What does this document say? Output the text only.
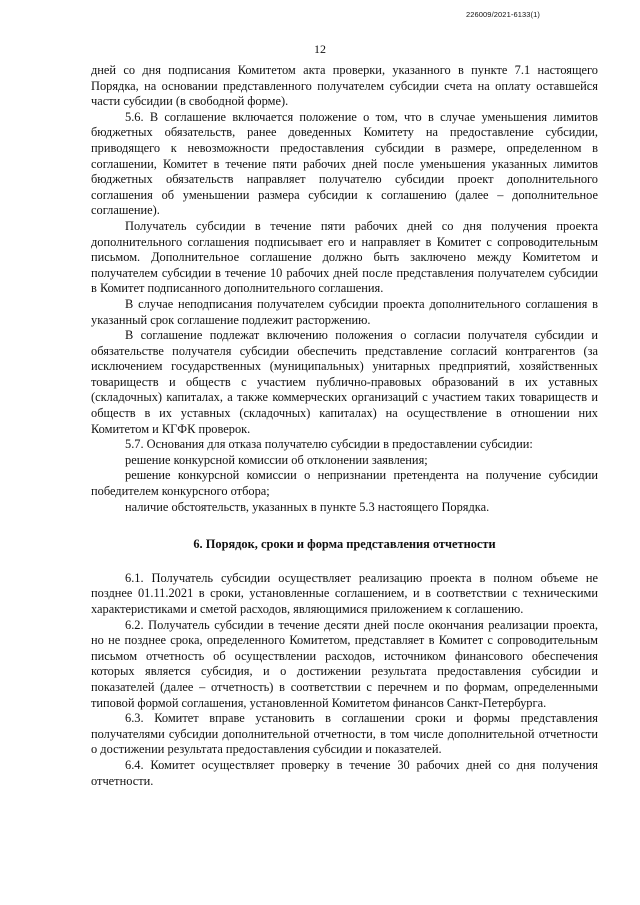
226009/2021-6133(1)
12

дней со дня подписания Комитетом акта проверки, указанного в пункте 7.1 настоящего Порядка, на основании представленного получателем субсидии счета на оплату оставшейся части субсидии (в свободной форме).

5.6. В соглашение включается положение о том, что в случае уменьшения лимитов бюджетных обязательств, ранее доведенных Комитету на предоставление субсидии, приводящего к невозможности предоставления субсидии в размере, определенном в соглашении, Комитет в течение пяти рабочих дней после уменьшения указанных лимитов бюджетных обязательств направляет получателю субсидии проект дополнительного соглашения об уменьшении размера субсидии к соглашению (далее – дополнительное соглашение).

Получатель субсидии в течение пяти рабочих дней со дня получения проекта дополнительного соглашения подписывает его и направляет в Комитет с сопроводительным письмом. Дополнительное соглашение должно быть заключено между Комитетом и получателем субсидии в течение 10 рабочих дней после представления получателем субсидии в Комитет подписанного дополнительного соглашения.

В случае неподписания получателем субсидии проекта дополнительного соглашения в указанный срок соглашение подлежит расторжению.

В соглашение подлежат включению положения о согласии получателя субсидии и обязательстве получателя субсидии обеспечить представление согласий контрагентов (за исключением государственных (муниципальных) унитарных предприятий, хозяйственных товариществ и обществ с участием публично-правовых образований в их уставных (складочных) капиталах, а также коммерческих организаций с участием таких товариществ и обществ в их уставных (складочных) капиталах) на осуществление в отношении них Комитетом и КГФК проверок.

5.7. Основания для отказа получателю субсидии в предоставлении субсидии:

решение конкурсной комиссии об отклонении заявления;

решение конкурсной комиссии о непризнании претендента на получение субсидии победителем конкурсного отбора;

наличие обстоятельств, указанных в пункте 5.3 настоящего Порядка.

6. Порядок, сроки и форма представления отчетности

6.1. Получатель субсидии осуществляет реализацию проекта в полном объеме не позднее 01.11.2021 в сроки, установленные соглашением, и в соответствии с техническими характеристиками и сметой расходов, являющимися приложением к соглашению.

6.2. Получатель субсидии в течение десяти дней после окончания реализации проекта, но не позднее срока, определенного Комитетом, представляет в Комитет с сопроводительным письмом отчетность об осуществлении расходов, источником финансового обеспечения которых является субсидия, и о достижении результата предоставления субсидии и показателей (далее – отчетность) в соответствии с перечнем и по формам, определенными типовой формой соглашения, установленной Комитетом финансов Санкт-Петербурга.

6.3. Комитет вправе установить в соглашении сроки и формы представления получателями субсидии дополнительной отчетности, в том числе дополнительной отчетности о достижении результата предоставления субсидии и показателей.

6.4. Комитет осуществляет проверку в течение 30 рабочих дней со дня получения отчетности.
